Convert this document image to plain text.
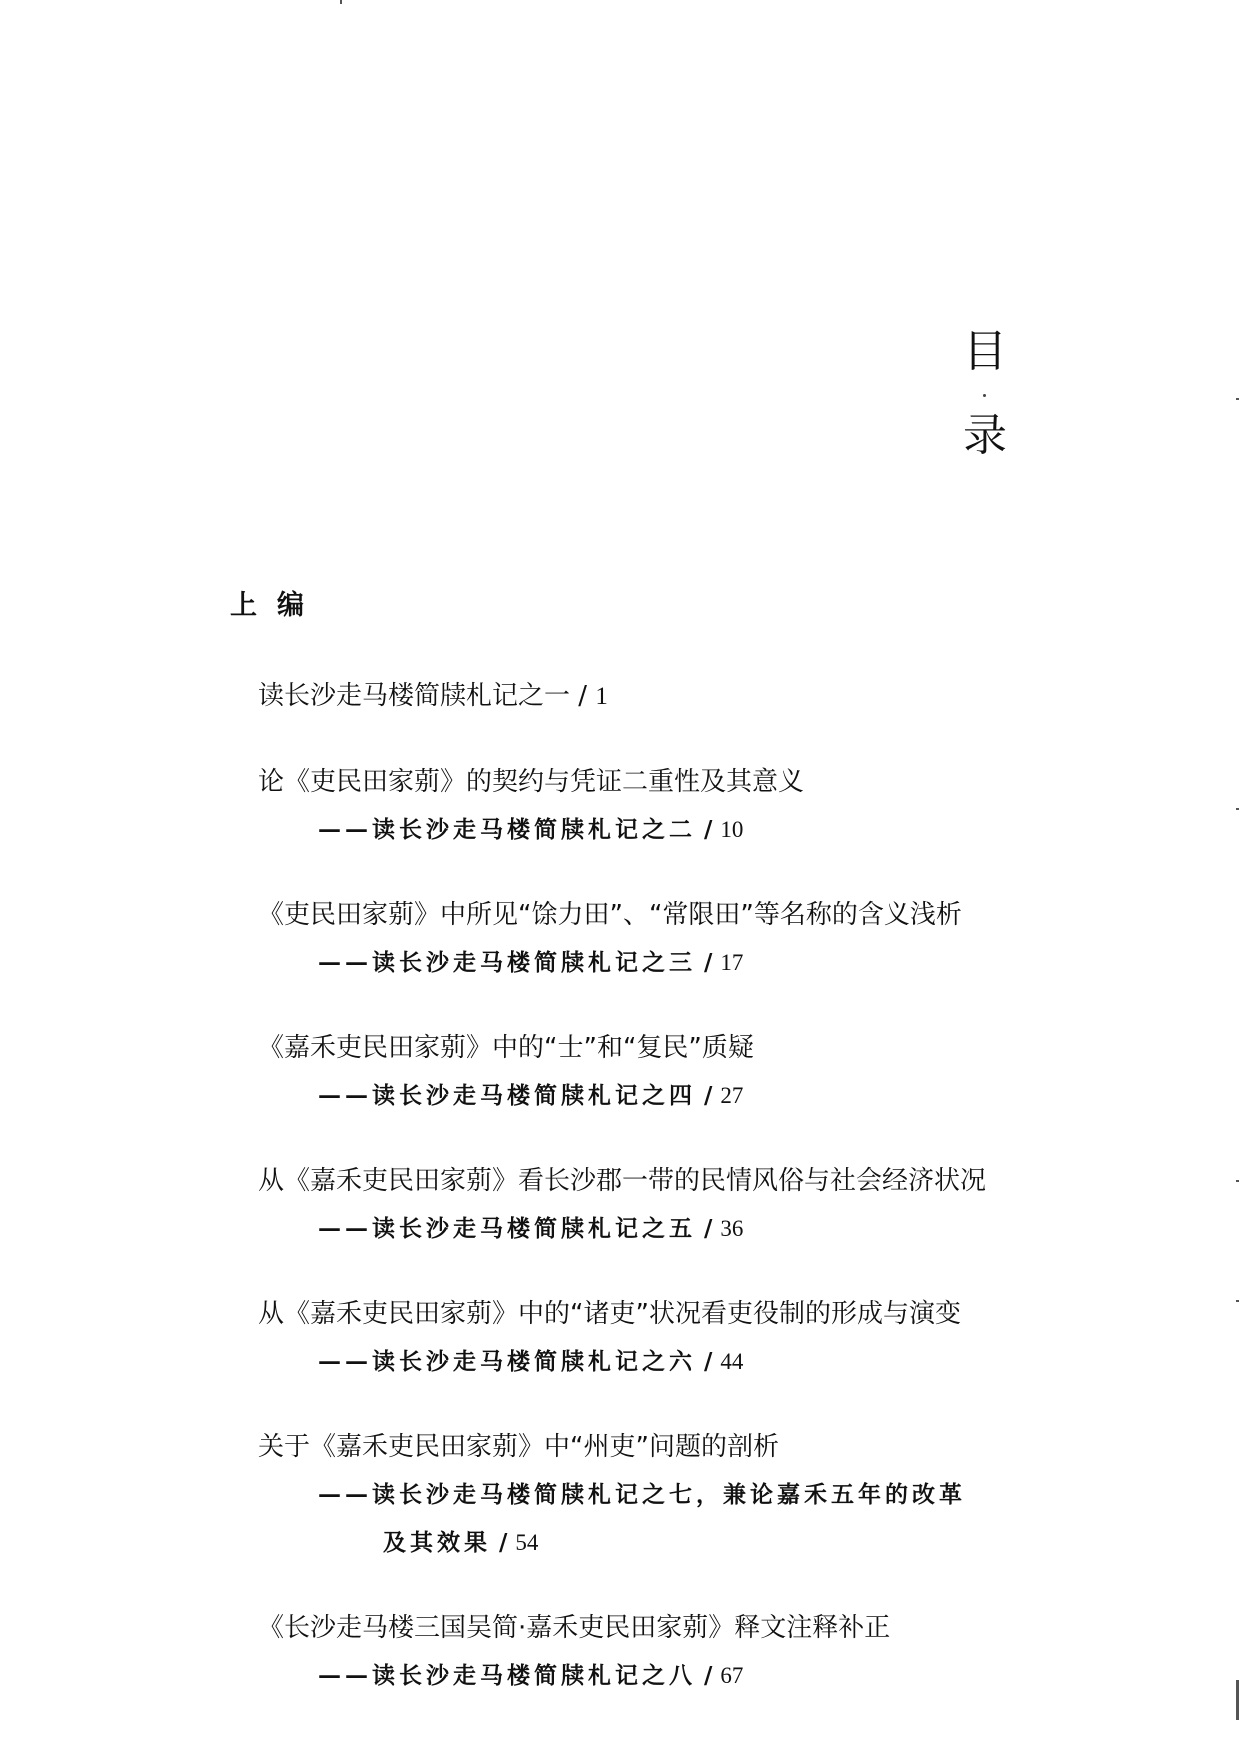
目
录
上编
读长沙走马楼简牍札记之一 / 1
论《吏民田家莂》的契约与凭证二重性及其意义
——读长沙走马楼简牍札记之二 / 10
《吏民田家莂》中所见“馀力田”、“常限田”等名称的含义浅析
——读长沙走马楼简牍札记之三 / 17
《嘉禾吏民田家莂》中的“士”和“复民”质疑
——读长沙走马楼简牍札记之四 / 27
从《嘉禾吏民田家莂》看长沙郡一带的民情风俗与社会经济状况
——读长沙走马楼简牍札记之五 / 36
从《嘉禾吏民田家莂》中的“诸吏”状况看吏役制的形成与演变
——读长沙走马楼简牍札记之六 / 44
关于《嘉禾吏民田家莂》中“州吏”问题的剖析
——读长沙走马楼简牍札记之七，兼论嘉禾五年的改革
及其效果 / 54
《长沙走马楼三国吴简·嘉禾吏民田家莂》释文注释补正
——读长沙走马楼简牍札记之八 / 67
